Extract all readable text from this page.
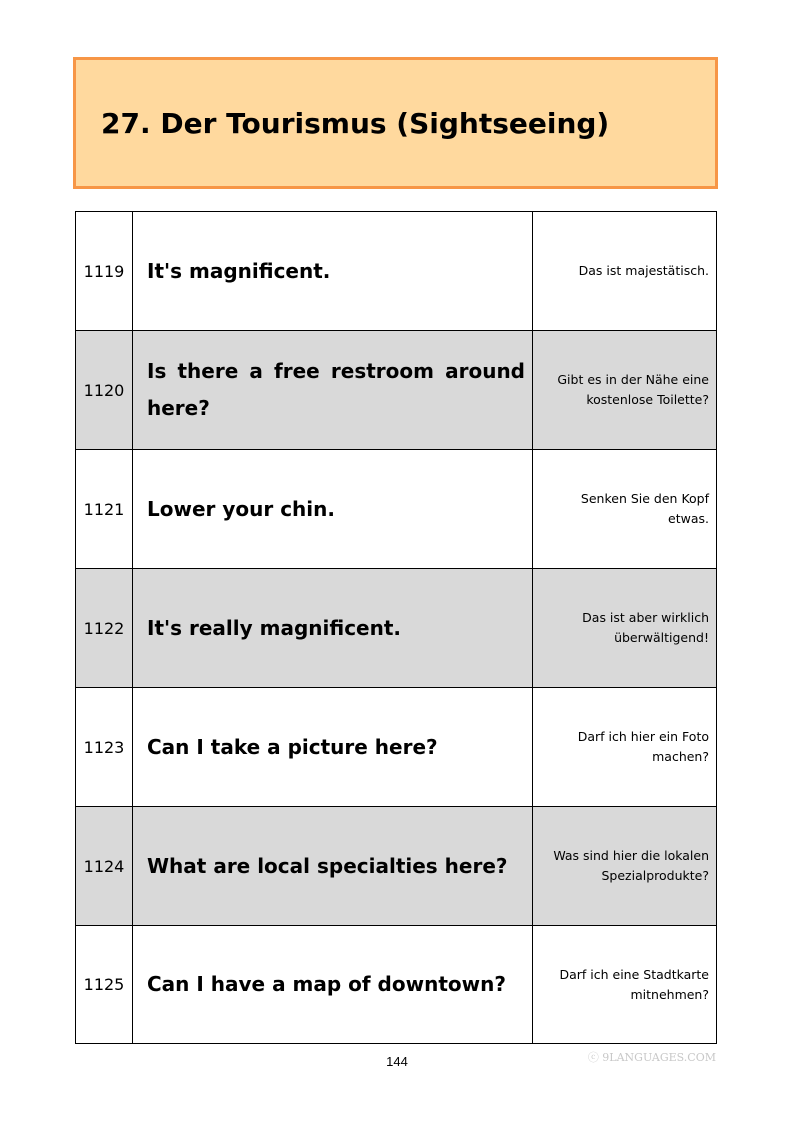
27. Der Tourismus (Sightseeing)
1119	It's magnificent.	Das ist majestätisch.
1120	Is there a free restroom around here?	Gibt es in der Nähe eine
kostenlose Toilette?
1121	Lower your chin.	Senken Sie den Kopf etwas.
1122	It's really magnificent.	Das ist aber wirklich
überwältigend!
1123	Can I take a picture here?	Darf ich hier ein Foto machen?
1124	What are local specialties here?	Was sind hier die lokalen
Spezialprodukte?
1125	Can I have a map of downtown?	Darf ich eine Stadtkarte
mitnehmen?
144	ⓒ 9LANGUAGES.COM
